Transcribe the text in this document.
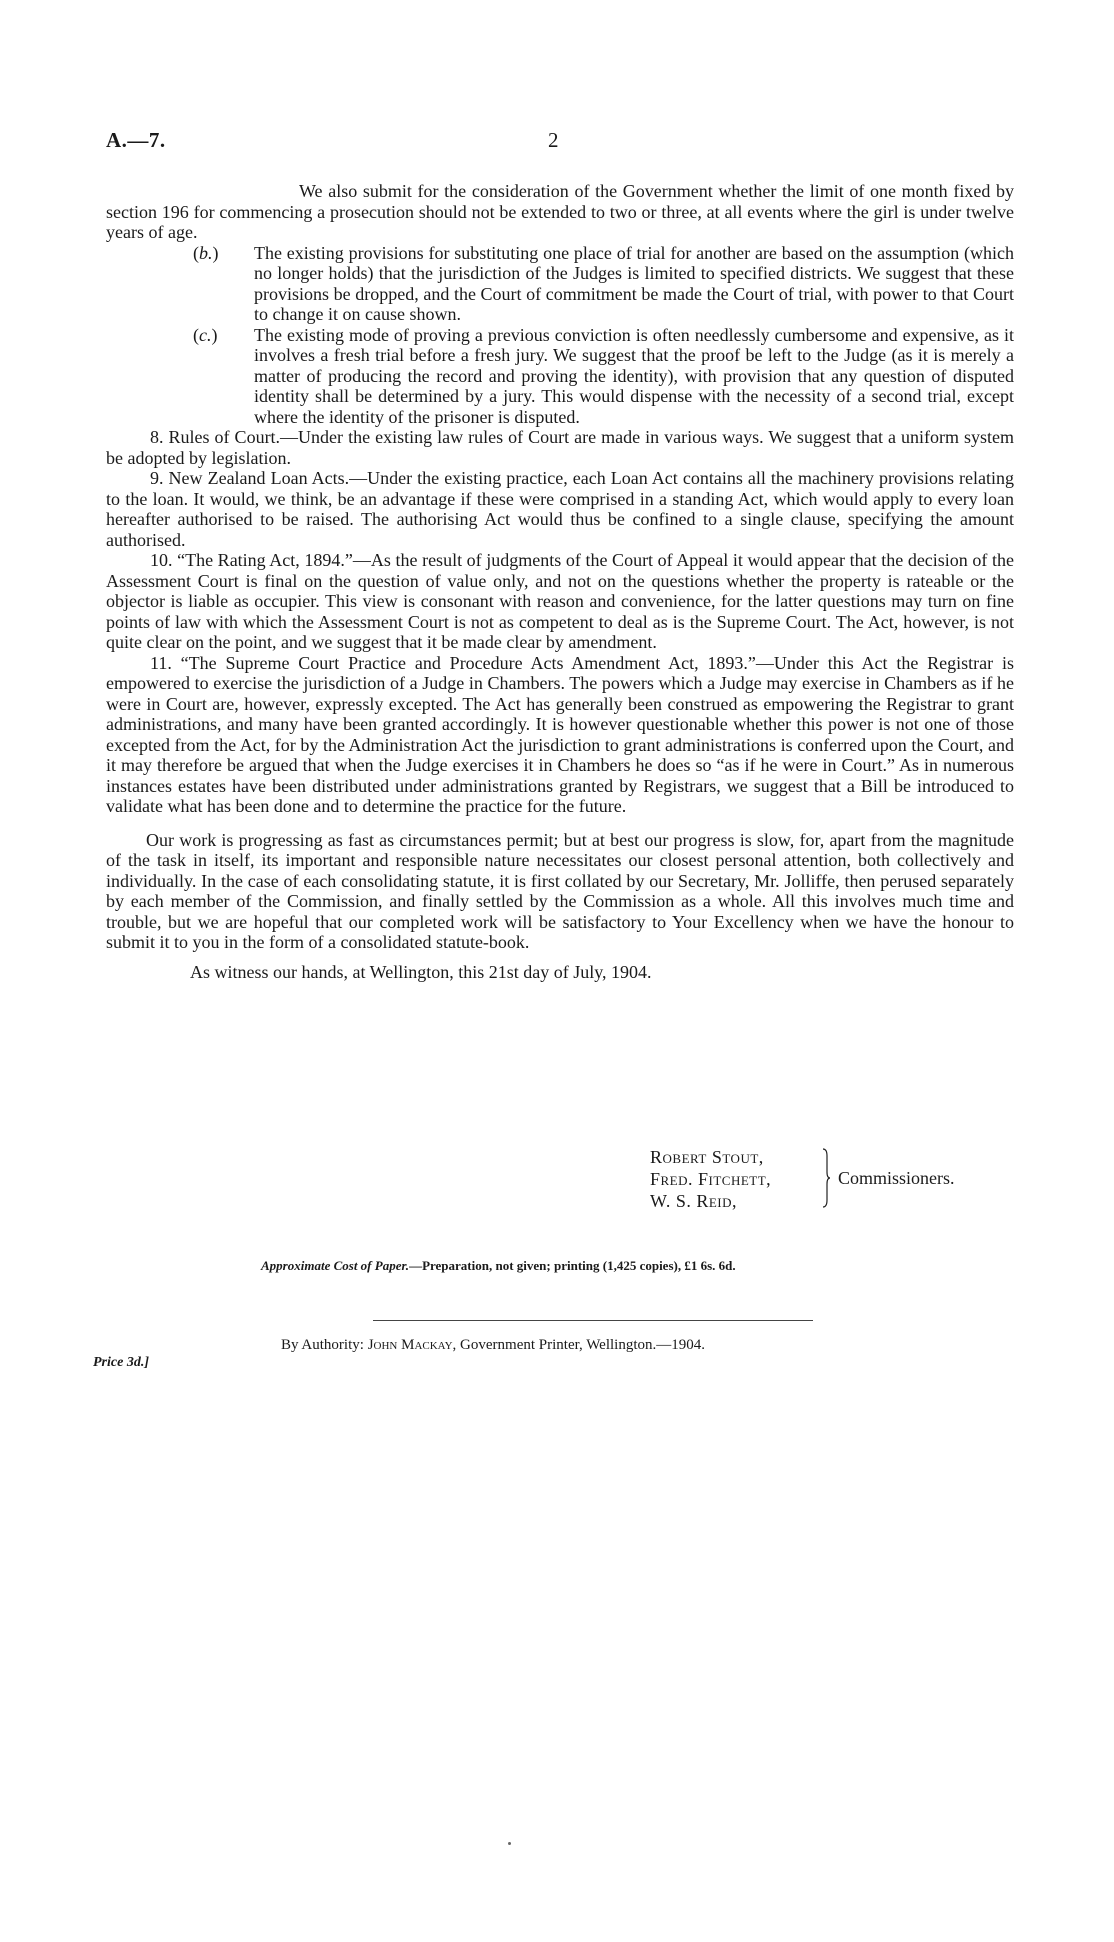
A.—7.	2

We also submit for the consideration of the Government whether the limit of one month fixed by section 196 for commencing a prosecution should not be extended to two or three, at all events where the girl is under twelve years of age.

(b.) The existing provisions for substituting one place of trial for another are based on the assumption (which no longer holds) that the jurisdiction of the Judges is limited to specified districts. We suggest that these provisions be dropped, and the Court of commitment be made the Court of trial, with power to that Court to change it on cause shown.

(c.) The existing mode of proving a previous conviction is often needlessly cumbersome and expensive, as it involves a fresh trial before a fresh jury. We suggest that the proof be left to the Judge (as it is merely a matter of producing the record and proving the identity), with provision that any question of disputed identity shall be determined by a jury. This would dispense with the necessity of a second trial, except where the identity of the prisoner is disputed.

8. Rules of Court.—Under the existing law rules of Court are made in various ways. We suggest that a uniform system be adopted by legislation.

9. New Zealand Loan Acts.—Under the existing practice, each Loan Act contains all the machinery provisions relating to the loan. It would, we think, be an advantage if these were comprised in a standing Act, which would apply to every loan hereafter authorised to be raised. The authorising Act would thus be confined to a single clause, specifying the amount authorised.

10. “The Rating Act, 1894.”—As the result of judgments of the Court of Appeal it would appear that the decision of the Assessment Court is final on the question of value only, and not on the questions whether the property is rateable or the objector is liable as occupier. This view is consonant with reason and convenience, for the latter questions may turn on fine points of law with which the Assessment Court is not as competent to deal as is the Supreme Court. The Act, however, is not quite clear on the point, and we suggest that it be made clear by amendment.

11. “The Supreme Court Practice and Procedure Acts Amendment Act, 1893.”—Under this Act the Registrar is empowered to exercise the jurisdiction of a Judge in Chambers. The powers which a Judge may exercise in Chambers as if he were in Court are, however, expressly excepted. The Act has generally been construed as empowering the Registrar to grant administrations, and many have been granted accordingly. It is however questionable whether this power is not one of those excepted from the Act, for by the Administration Act the jurisdiction to grant administrations is conferred upon the Court, and it may therefore be argued that when the Judge exercises it in Chambers he does so “as if he were in Court.” As in numerous instances estates have been distributed under administrations granted by Registrars, we suggest that a Bill be introduced to validate what has been done and to determine the practice for the future.

Our work is progressing as fast as circumstances permit; but at best our progress is slow, for, apart from the magnitude of the task in itself, its important and responsible nature necessitates our closest personal attention, both collectively and individually. In the case of each consolidating statute, it is first collated by our Secretary, Mr. Jolliffe, then perused separately by each member of the Commission, and finally settled by the Commission as a whole. All this involves much time and trouble, but we are hopeful that our completed work will be satisfactory to Your Excellency when we have the honour to submit it to you in the form of a consolidated statute-book.

As witness our hands, at Wellington, this 21st day of July, 1904.

Robert Stout,
Fred. Fitchett,
W. S. Reid,
Commissioners.
Approximate Cost of Paper.—Preparation, not given; printing (1,425 copies), £1 6s. 6d.
By Authority: John Mackay, Government Printer, Wellington.—1904.
Price 3d.]
